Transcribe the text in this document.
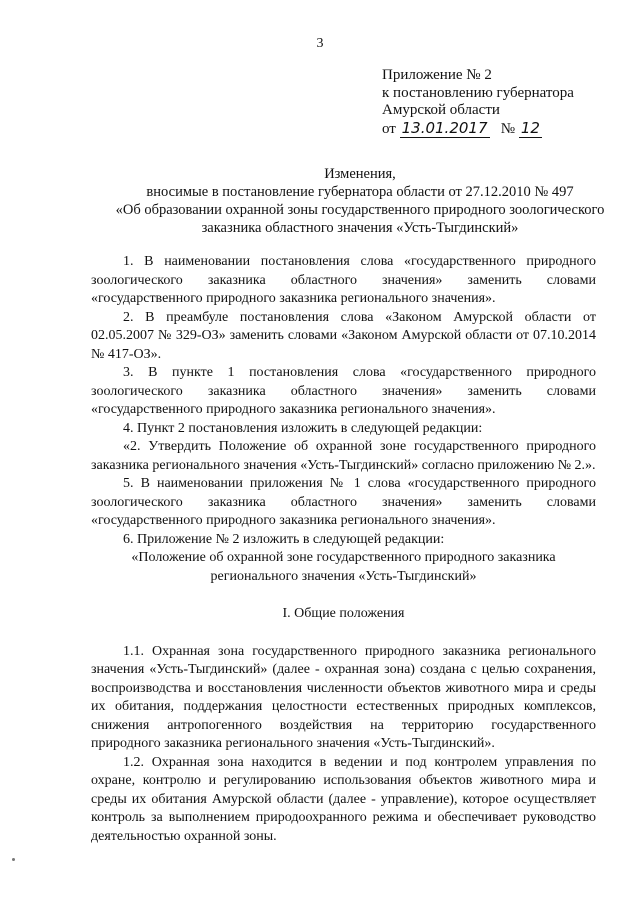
3
Приложение № 2
к постановлению губернатора
Амурской области
от 13.01.2017 № 12
Изменения,
вносимые в постановление губернатора области от 27.12.2010 № 497
«Об образовании охранной зоны государственного природного зоологического
заказника областного значения «Усть-Тыгдинский»

1. В наименовании постановления слова «государственного природного зоологического заказника областного значения» заменить словами «государственного природного заказника регионального значения».

2. В преамбуле постановления слова «Законом Амурской области от 02.05.2007 № 329-ОЗ» заменить словами «Законом Амурской области от 07.10.2014 № 417-ОЗ».

3. В пункте 1 постановления слова «государственного природного зоологического заказника областного значения» заменить словами «государственного природного заказника регионального значения».

4. Пункт 2 постановления изложить в следующей редакции:

«2. Утвердить Положение об охранной зоне государственного природного заказника регионального значения «Усть-Тыгдинский» согласно приложению № 2.».

5. В наименовании приложения № 1 слова «государственного природного зоологического заказника областного значения» заменить словами «государственного природного заказника регионального значения».

6. Приложение № 2 изложить в следующей редакции:

«Положение об охранной зоне государственного природного заказника

регионального значения «Усть-Тыгдинский»

I. Общие положения

1.1. Охранная зона государственного природного заказника регионального значения «Усть-Тыгдинский» (далее - охранная зона) создана с целью сохранения, воспроизводства и восстановления численности объектов животного мира и среды их обитания, поддержания целостности естественных природных комплексов, снижения антропогенного воздействия на территорию государственного природного заказника регионального значения «Усть-Тыгдинский».

1.2. Охранная зона находится в ведении и под контролем управления по охране, контролю и регулированию использования объектов животного мира и среды их обитания Амурской области (далее - управление), которое осуществляет контроль за выполнением природоохранного режима и обеспечивает руководство деятельностью охранной зоны.
